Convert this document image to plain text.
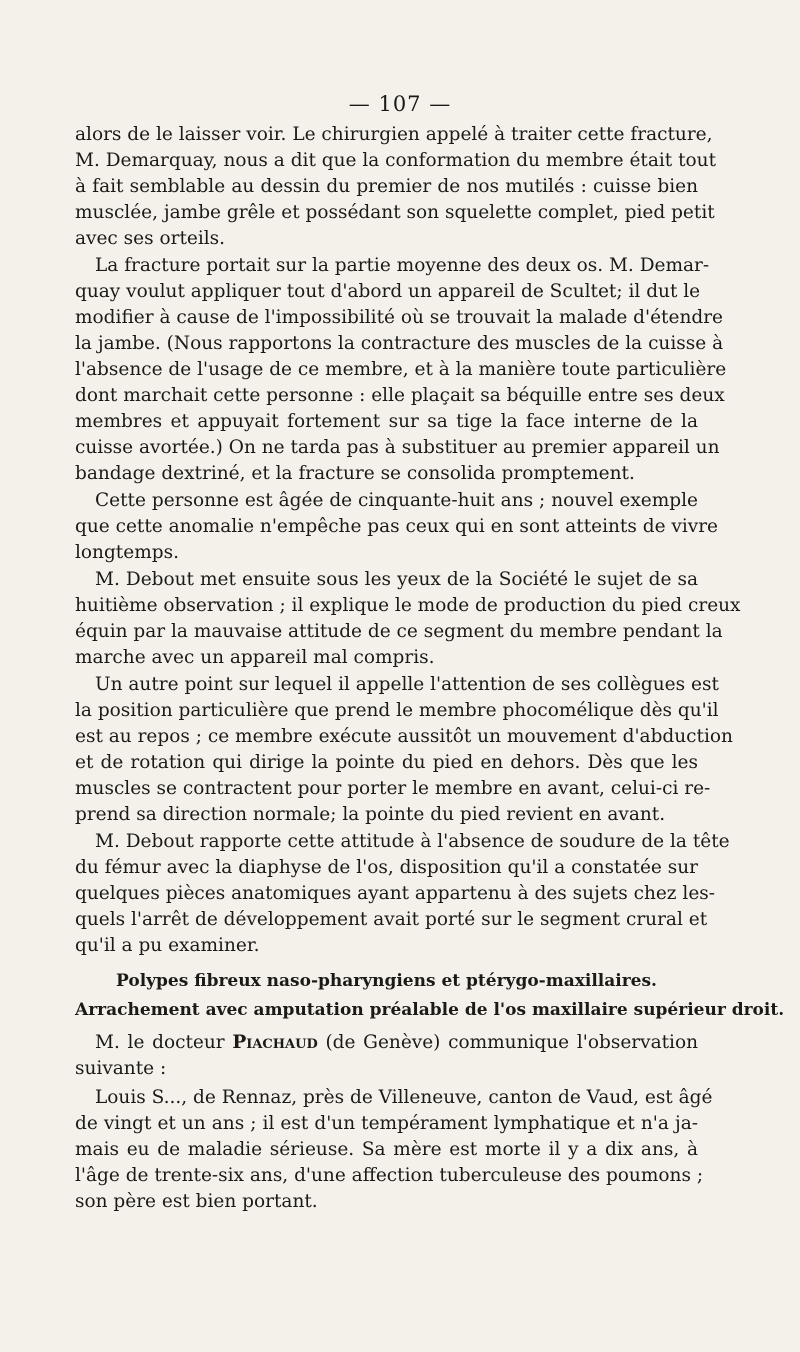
— 107 —
alors de le laisser voir. Le chirurgien appelé à traiter cette fracture,
M. Demarquay, nous a dit que la conformation du membre était tout
à fait semblable au dessin du premier de nos mutilés : cuisse bien
musclée, jambe grêle et possédant son squelette complet, pied petit
avec ses orteils.
La fracture portait sur la partie moyenne des deux os. M. Demar-
quay voulut appliquer tout d'abord un appareil de Scultet; il dut le
modifier à cause de l'impossibilité où se trouvait la malade d'étendre
la jambe. (Nous rapportons la contracture des muscles de la cuisse à
l'absence de l'usage de ce membre, et à la manière toute particulière
dont marchait cette personne : elle plaçait sa béquille entre ses deux
membres et appuyait fortement sur sa tige la face interne de la
cuisse avortée.) On ne tarda pas à substituer au premier appareil un
bandage dextriné, et la fracture se consolida promptement.
Cette personne est âgée de cinquante-huit ans ; nouvel exemple
que cette anomalie n'empêche pas ceux qui en sont atteints de vivre
longtemps.
M. Debout met ensuite sous les yeux de la Société le sujet de sa
huitième observation ; il explique le mode de production du pied creux
équin par la mauvaise attitude de ce segment du membre pendant la
marche avec un appareil mal compris.
Un autre point sur lequel il appelle l'attention de ses collègues est
la position particulière que prend le membre phocomélique dès qu'il
est au repos ; ce membre exécute aussitôt un mouvement d'abduction
et de rotation qui dirige la pointe du pied en dehors. Dès que les
muscles se contractent pour porter le membre en avant, celui-ci re-
prend sa direction normale; la pointe du pied revient en avant.
M. Debout rapporte cette attitude à l'absence de soudure de la tête
du fémur avec la diaphyse de l'os, disposition qu'il a constatée sur
quelques pièces anatomiques ayant appartenu à des sujets chez les-
quels l'arrêt de développement avait porté sur le segment crural et
qu'il a pu examiner.
Polypes fibreux naso-pharyngiens et ptérygo-maxillaires.
Arrachement avec amputation préalable de l'os maxillaire supérieur droit.
M. le docteur Piachaud (de Genève) communique l'observation
suivante :
Louis S..., de Rennaz, près de Villeneuve, canton de Vaud, est âgé
de vingt et un ans ; il est d'un tempérament lymphatique et n'a ja-
mais eu de maladie sérieuse. Sa mère est morte il y a dix ans, à
l'âge de trente-six ans, d'une affection tuberculeuse des poumons ;
son père est bien portant.
